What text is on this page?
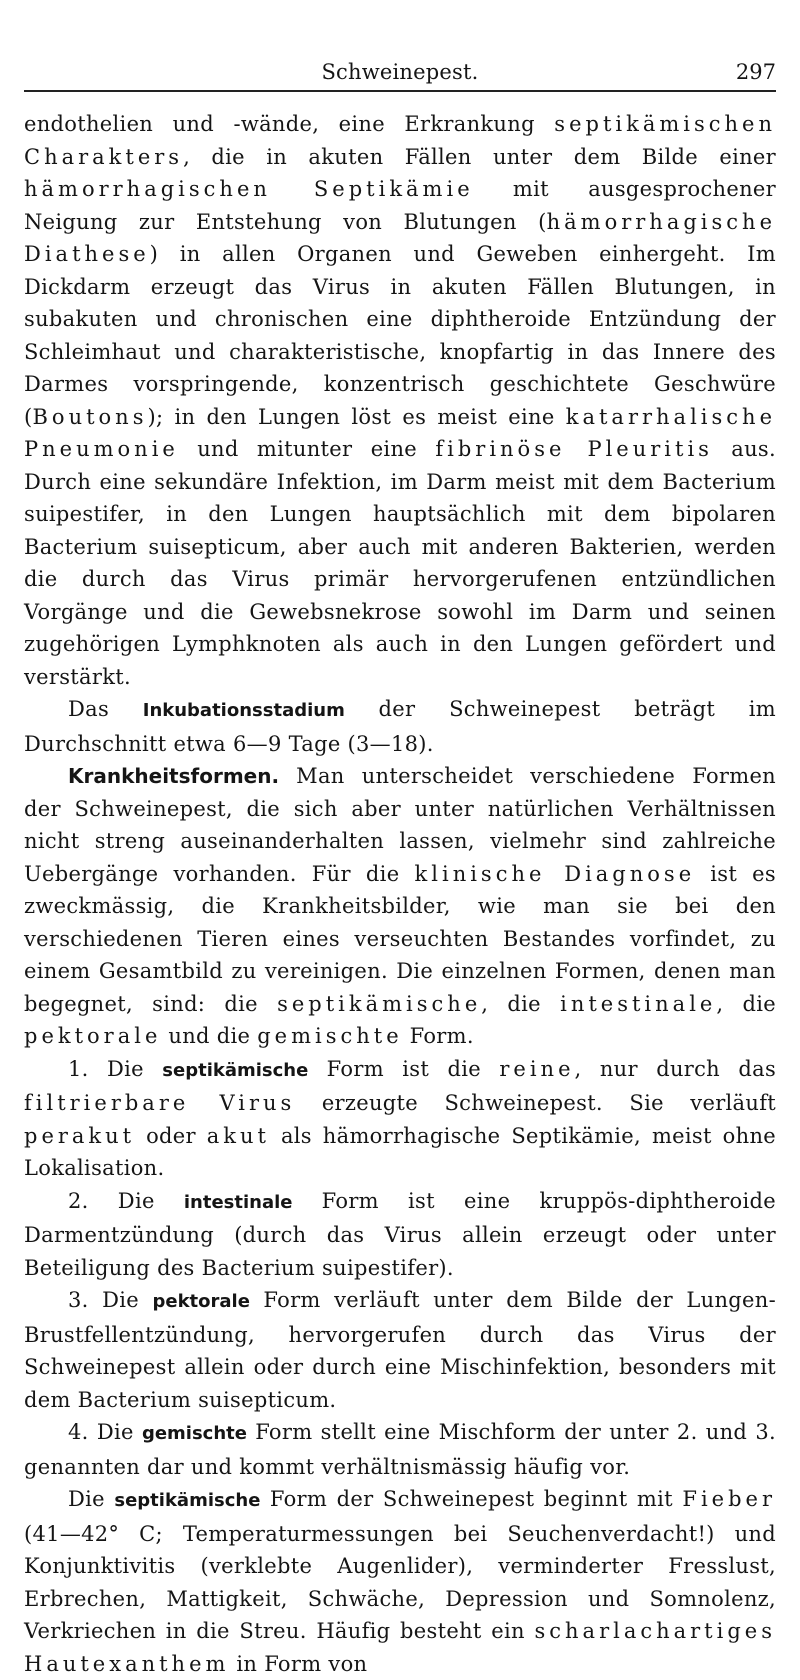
Schweinepest.	297

endothelien und -wände, eine Erkrankung septikämischen Charakters, die in akuten Fällen unter dem Bilde einer hämorrhagischen Septikämie mit ausgesprochener Neigung zur Entstehung von Blutungen (hämorrhagische Diathese) in allen Organen und Geweben einhergeht. Im Dickdarm erzeugt das Virus in akuten Fällen Blutungen, in subakuten und chronischen eine diphtheroide Entzündung der Schleimhaut und charakteristische, knopfartig in das Innere des Darmes vorspringende, konzentrisch geschichtete Geschwüre (Boutons); in den Lungen löst es meist eine katarrhalische Pneumonie und mitunter eine fibrinöse Pleuritis aus. Durch eine sekundäre Infektion, im Darm meist mit dem Bacterium suipestifer, in den Lungen hauptsächlich mit dem bipolaren Bacterium suisepticum, aber auch mit anderen Bakterien, werden die durch das Virus primär hervorgerufenen entzündlichen Vorgänge und die Gewebsnekrose sowohl im Darm und seinen zugehörigen Lymphknoten als auch in den Lungen gefördert und verstärkt.

Das Inkubationsstadium der Schweinepest beträgt im Durchschnitt etwa 6—9 Tage (3—18).

Krankheitsformen. Man unterscheidet verschiedene Formen der Schweinepest, die sich aber unter natürlichen Verhältnissen nicht streng auseinanderhalten lassen, vielmehr sind zahlreiche Uebergänge vorhanden. Für die klinische Diagnose ist es zweckmässig, die Krankheitsbilder, wie man sie bei den verschiedenen Tieren eines verseuchten Bestandes vorfindet, zu einem Gesamtbild zu vereinigen. Die einzelnen Formen, denen man begegnet, sind: die septikämische, die intestinale, die pektorale und die gemischte Form.

1. Die septikämische Form ist die reine, nur durch das filtrierbare Virus erzeugte Schweinepest. Sie verläuft perakut oder akut als hämorrhagische Septikämie, meist ohne Lokalisation.

2. Die intestinale Form ist eine kruppös-diphtheroide Darmentzündung (durch das Virus allein erzeugt oder unter Beteiligung des Bacterium suipestifer).

3. Die pektorale Form verläuft unter dem Bilde der Lungen-Brustfellentzündung, hervorgerufen durch das Virus der Schweinepest allein oder durch eine Mischinfektion, besonders mit dem Bacterium suisepticum.

4. Die gemischte Form stellt eine Mischform der unter 2. und 3. genannten dar und kommt verhältnismässig häufig vor.

Die septikämische Form der Schweinepest beginnt mit Fieber (41—42° C; Temperaturmessungen bei Seuchenverdacht!) und Konjunktivitis (verklebte Augenlider), verminderter Fresslust, Erbrechen, Mattigkeit, Schwäche, Depression und Somnolenz, Verkriechen in die Streu. Häufig besteht ein scharlachartiges Hautexanthem in Form von
